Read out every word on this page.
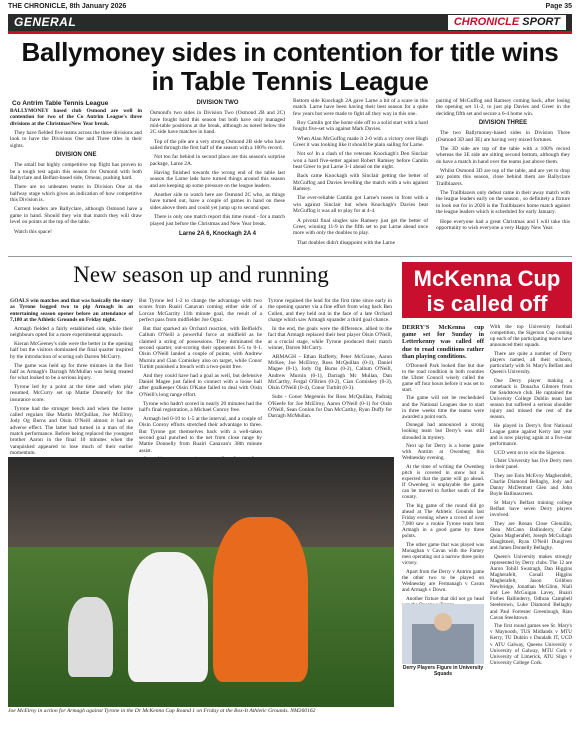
THE CHRONICLE, 8th January 2026	Page 35
GENERAL	CHRONICLE SPORT
Ballymoney sides in contention for title wins in Table Tennis League
Co Antrim Table Tennis League

BALLYMONEY based club Osmond are well in contention for two of the Co Antrim League's three divisions at the Christmas/New Year break.

They have fielded five teams across the three divisions and look to have the Divisions One and Three titles in their sights.

DIVISION ONE

The small but highly competitive top flight has proven to be a tough test again this season for Osmond with both Ballyclare and Belfast-based side, Orneau, pushing hard.

There are no unbeaten teams in Division One at the halfway stage which gives an indication of how competitive this Division is.

Current leaders are Ballyclare, although Osmond have a game in hand. Should they win that match they will draw level on points at the top of the table.

Watch this space!

DIVISION TWO

Osmond's two sides in Division Two (Osmond 2B and 2C) have fought hard this season but both have only managed mid-table positions at the break, although as noted below the 2C side have matches in hand.

Top of the pile are a very strong Osmond 2B side who have sailed through the first half of the season with a 100% record.

Not too far behind in second place are this season's surprise package, Larne 2A.

Having finished towards the wrong end of the table last season the Larne lads have turned things around this season and are keeping up some pressure on the league leaders.

Another side to watch here are Osmond 2C who, as things have turned out, have a couple of games in hand on these sides above them and could yet jump up to second spot.

There is only one match report this time round - for a match played just before the Christmas and New Year break.

Larne 2A 6, Knockagh 2A 4

Bottom side Knockagh 2A gave Larne a bit of a scare in this match. Larne have been having their best season for a quite few years but were made to fight all they way in this one.

Roy Camlin got the home side off to a solid start with a hard fought five-set win against Mark Davies.

When Alan McGuffog made it 2-0 with a victory over Hugh Greer it was looking like it should be plain sailing for Larne.

Not so! In a clash of the veterans Knockagh's Den Sinclair won a hard five-setter against Robert Ramsey before Camlin beat Greer to put Larne 3-1 ahead on the night.

Back came Knockagh with Sinclair getting the better of McGuffog and Davies levelling the match with a win against Ramsey.

The ever-reliable Camlin got Larne's noses in front with a win against Sinclair but when Knockagh's Davies beat McGuffog it was all to play for at 4-4.

A pivotal final singles saw Ramsey just get the better of Greer, winning 11-9 in the fifth set to put Larne ahead once more with only the doubles to play.

That doubles didn't disappoint with the Larne

pairing of McGuffog and Ramsey coming back, after losing the opening set 11-2, to just pip Davies and Greer in the deciding fifth set and secure a 6-4 home win.

DIVISION THREE

The two Ballymoney-based sides in Division Three (Osmond 3D and 3E) are having very mixed fortunes.

The 3D side are top of the table with a 100% record whereas the 3E side are sitting second bottom, although they do have a match in hand over the teams just above them.

Whilst Osmond 3D are top of the table, and are yet to drop any points this season, close behind them are Ballyclare Trailblazers.

The Trailblazers only defeat came in their away match with the league leaders early on the season , so definitely a fixture to look out for in 2026 is the Trailblazers home match against the league leaders which is scheduled for early January.

Hope everyone had a great Christmas and I will take this opportunity to wish everyone a very Happy New Year.

New season up and running

GOALS win matches and that was basically the story as Tyrone bagged two to pip Armagh in an entertaining season opener before an attendance of 7,180 at the Athletic Grounds on Friday night.

Armagh fielded a fairly established side, while their neighbours opted for a more experimental approach.

Kieran McGeeney's side were the better in the opening half but the visitors dominated the final quarter inspired by the introduction of scoring sub Darren McCurry.

The game was held up for three minutes in the first half as Armagh's Darragh McMullan was being treated for what looked to be a serious injury.

Tyrone led by a point at the time and when play resumed, McCurry set up Mattie Donnelly for the insurance score.

Tyrone had the stronger bench and when the home called regulars like Martin McQuillan, Joe McElroy, Jody Og Burns and Oisin O'Neill almost it had an adverse effect. The latter had turned in a man of the match performance. Before being replaced the youngest brother Aaron in the final 10 minutes when the vanquished appeared to lose much of their earlier momentum.

But Tyrone led 1-2 to change the advantage with two scores from Ruairi Canavan coming either side of a Lorcan McGarrity 11th minute goal, the result of a perfect pass from midfielder Joe Oguz.

But that sparked an Orchard reaction, with Belfield's Callum O'Neill a powerful force at midfield as he claimed a string of possessions. They dominated the second quarter, out-scoring their opponents 0-5 to 0-1. Oisin O'Neill landed a couple of points, with Andrew Murnin and Cian Comiskey also on target, while Conor Turbitt punished a breach with a two-point free.

And they could have had a goal as well, but defensive Daniel Magee just failed to connect with a loose ball after goalkeeper Oisin O'Kane failed to deal with Oisin O'Neill's long range effort.

Tyrone who hadn't scored in nearly 20 minutes had the half's final registration, a Michael Conroy free.

Armagh led 0-10 to 1-5 at the interval, and a couple of Oisin Conroy efforts stretched their advantage to three. But Tyrone got themselves back with a well-taken second goal punched to the net from close range by Mattie Donnelly from Ruairi Canavan's 38th minute assist.

Tyrone regained the lead for the first time since early in the opening quarter via a fine effort from wing back Ben Cullen, and they held out in the face of a late Orchard charge which saw Armagh squander a third goal chance.

In the end, the goals were the difference, allied to the fact that Armagh replaced their best player Oisin O'Neill, at a crucial stage, while Tyrone produced their match winner, Darren McCurry.

ARMAGH - Ethan Rafferty, Peter McGrane, Aaron McKee, Joe McElroy, Ross McQuillan (0-1), Daniel Magee (0-1), Jody Og Burns (0-2), Callum O'Neill, Andrew Murnin (0-1), Darragh Mc Mullan, Dan McCarthy, Fergal O'Brien (0-2), Cian Comiskey (0-3), Oisin O'Neill (0-4), Conor Turbitt (0-3).

Subs - Conor Megennis for Ross McQuillan, Padraig O'Keefe for Joe McElroy, Aaron O'Neill (0-1) for Oisin O'Neill, Sean Conlon for Dan McCarthy, Ryan Duffy for Darragh McMullan.

Joe McElroy in action for Armagh against Tyrone in the Dr McKenna Cup Round 1 on Friday at the Box-It Athletic Grounds. NM260162
McKenna Cup is called off

DERRY'S McKenna cup game set for Sunday in Letterkenny was called off due to road conditions rather than playing conditions.

O'Donnell Park looked fine but due to the road condition in both counties the Ulster Council wisely called the game off four hours before it was set to start.

The game will not be rescheduled and the National Leagues due to start in three weeks time the teams were awarded a point each.

Donegal had announced a strong looking team but Derry's was still shrouded in mystery.

Next up for Derry is a home game with Antrim at Owenbeg this Wednesday evening.

At the time of writing the Owenbeg pitch is covered in snow but is expected that the game will go ahead. If Owenbeg is unplayable the game can be moved to further south of the county.

The big game of the round did go ahead at The Athletic Grounds last Friday evening where a crowd of over 7,000 saw a rookie Tyrone team beat Armagh in a good game by three points.

The other game that was played was Monaghan v Cavan with the Farney men operating out a narrow three point victory.

Apart from the Derry v Antrim game the other two to be played on Wednesday are Fermanagh v Cavan and Armagh v Down.

Another fixture that did not go head

With the top University football competition, the Sigerson Cup coming up each of the participating teams have announced their squads.

There are quite a number of Derry players named, all their schools, particularly with St. Mary's Belfast and Queen's University.

One Derry player making a comeback is Donacha Gilmore from the Sandstown club. He captained the University College Dublin team last season but suffered a serious shoulder injury and missed the rest of the season.

He played in Derry's first National League game against Kerry last year and is now playing again at a five-star performance.

UCD went on to win the Sigerson.

Ulster University has five Derry men in their panel.

They are Eoin McEvoy Magherafelt, Charlie Diamond Bellaghy, Jody and Danny McDermott Glen and John Boyle Ballinascreen.

St Mary's Belfast training college Belfast have seven Derry players involved.

They are Ronan Close Glenullin, Shea McCann Ballinderry, Cahir Quinn Magherafelt, Joseph McCullagh Slaughtneil, Ryan O'Neill Dungiven and James Donnelly Bellaghy.

Queen's University makes strongly represented by Derry clubs. The 12 are Aaron Tohill Swatragh, Dan Higgins Magherafelt, Conall Higgins Magherafelt, Jason Gribbon Newbridge, Jonathan McGlinn, Niall and Lee McGuigan Lavey, Ruairi Forbes Ballinderry, Odhran Campbell Steelstown, Luke Diamond Bellaghy and Paul Forrester Greenlough, Rian Cavan Steelstown.

The first round games see St. Mary's v Maynooth, TUS Midlands v MTU Kerry, TU Dublin v Dundalk IT, UCD v ATU Galway, Queens University v University of Galway, MTU Cork v University of Limerick, ATU Sligo v University College Cork.

Derry Players Figure in University Squads
